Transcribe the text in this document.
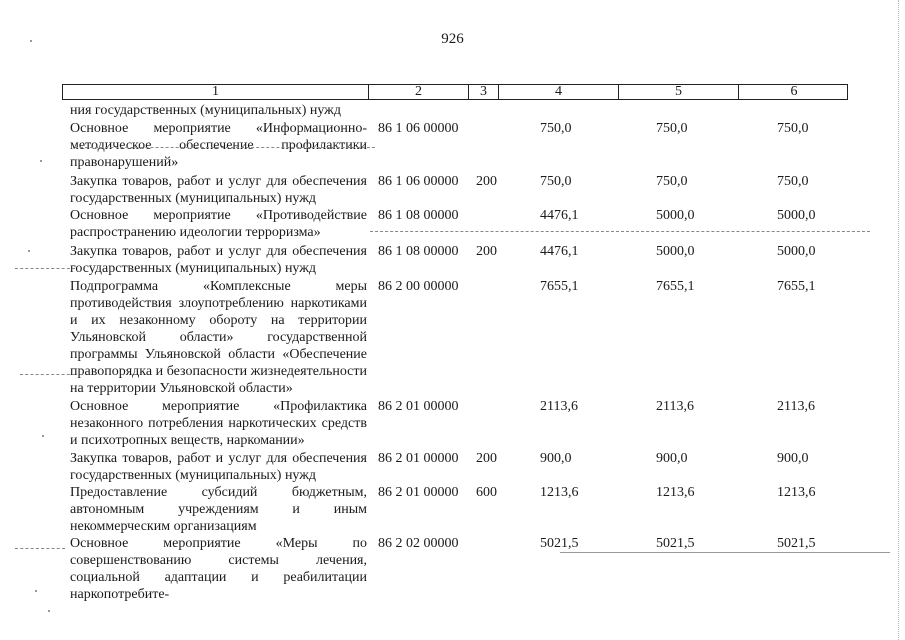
926
1	2	3	4	5	6
ния государственных (муниципальных) нужд
Основное мероприятие «Информационно-методическое обеспечение профилактики правонарушений»
86 1 06 00000	750,0	750,0	750,0
Закупка товаров, работ и услуг для обеспечения государственных (муниципальных) нужд
86 1 06 00000 200	750,0	750,0	750,0
Основное мероприятие «Противодействие распространению идеологии терроризма»
86 1 08 00000	4476,1	5000,0	5000,0
Закупка товаров, работ и услуг для обеспечения государственных (муниципальных) нужд
86 1 08 00000 200	4476,1	5000,0	5000,0
Подпрограмма «Комплексные меры противодействия злоупотреблению наркотиками и их незаконному обороту на территории Ульяновской области» государственной программы Ульяновской области «Обеспечение правопорядка и безопасности жизнедеятельности на территории Ульяновской области»
86 2 00 00000	7655,1	7655,1	7655,1
Основное мероприятие «Профилактика незаконного потребления наркотических средств и психотропных веществ, наркомании»
86 2 01 00000	2113,6	2113,6	2113,6
Закупка товаров, работ и услуг для обеспечения государственных (муниципальных) нужд
86 2 01 00000 200	900,0	900,0	900,0
Предоставление субсидий бюджетным, автономным учреждениям и иным некоммерческим организациям
86 2 01 00000 600	1213,6	1213,6	1213,6
Основное мероприятие «Меры по совершенствованию системы лечения, социальной адаптации и реабилитации наркопотребите-
86 2 02 00000	5021,5	5021,5	5021,5
